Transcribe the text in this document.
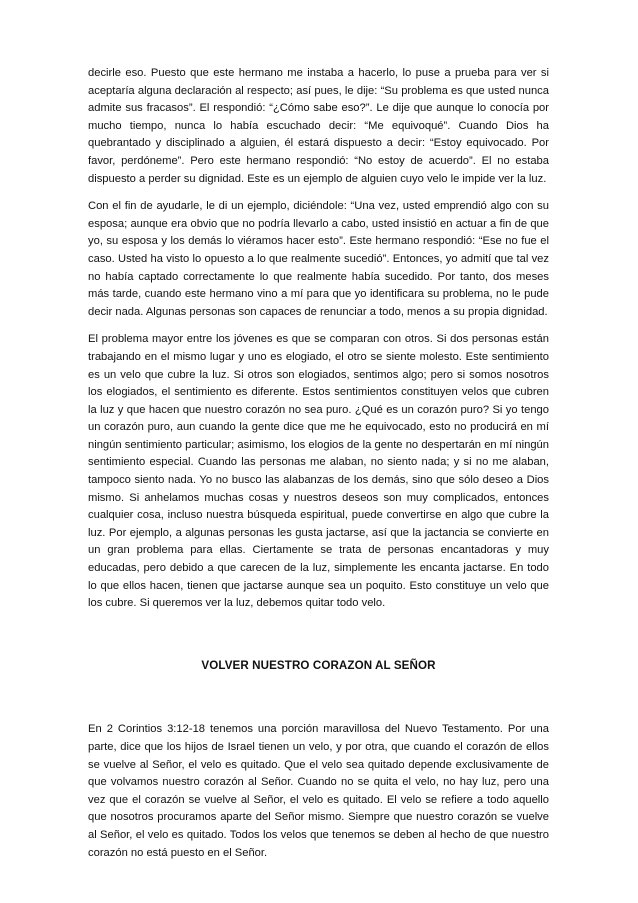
decirle eso. Puesto que este hermano me instaba a hacerlo, lo puse a prueba para ver si aceptaría alguna declaración al respecto; así pues, le dije: “Su problema es que usted nunca admite sus fracasos”. El respondió: “¿Cómo sabe eso?”. Le dije que aunque lo conocía por mucho tiempo, nunca lo había escuchado decir: “Me equivoqué”. Cuando Dios ha quebrantado y disciplinado a alguien, él estará dispuesto a decir: “Estoy equivocado. Por favor, perdóneme”. Pero este hermano respondió: “No estoy de acuerdo”. El no estaba dispuesto a perder su dignidad. Este es un ejemplo de alguien cuyo velo le impide ver la luz.

Con el fin de ayudarle, le di un ejemplo, diciéndole: “Una vez, usted emprendió algo con su esposa; aunque era obvio que no podría llevarlo a cabo, usted insistió en actuar a fin de que yo, su esposa y los demás lo viéramos hacer esto”. Este hermano respondió: “Ese no fue el caso. Usted ha visto lo opuesto a lo que realmente sucedió”. Entonces, yo admití que tal vez no había captado correctamente lo que realmente había sucedido. Por tanto, dos meses más tarde, cuando este hermano vino a mí para que yo identificara su problema, no le pude decir nada. Algunas personas son capaces de renunciar a todo, menos a su propia dignidad.

El problema mayor entre los jóvenes es que se comparan con otros. Si dos personas están trabajando en el mismo lugar y uno es elogiado, el otro se siente molesto. Este sentimiento es un velo que cubre la luz. Si otros son elogiados, sentimos algo; pero si somos nosotros los elogiados, el sentimiento es diferente. Estos sentimientos constituyen velos que cubren la luz y que hacen que nuestro corazón no sea puro. ¿Qué es un corazón puro? Si yo tengo un corazón puro, aun cuando la gente dice que me he equivocado, esto no producirá en mí ningún sentimiento particular; asimismo, los elogios de la gente no despertarán en mí ningún sentimiento especial. Cuando las personas me alaban, no siento nada; y si no me alaban, tampoco siento nada. Yo no busco las alabanzas de los demás, sino que sólo deseo a Dios mismo. Si anhelamos muchas cosas y nuestros deseos son muy complicados, entonces cualquier cosa, incluso nuestra búsqueda espiritual, puede convertirse en algo que cubre la luz. Por ejemplo, a algunas personas les gusta jactarse, así que la jactancia se convierte en un gran problema para ellas. Ciertamente se trata de personas encantadoras y muy educadas, pero debido a que carecen de la luz, simplemente les encanta jactarse. En todo lo que ellos hacen, tienen que jactarse aunque sea un poquito. Esto constituye un velo que los cubre. Si queremos ver la luz, debemos quitar todo velo.

VOLVER NUESTRO CORAZON AL SEÑOR

En 2 Corintios 3:12-18 tenemos una porción maravillosa del Nuevo Testamento. Por una parte, dice que los hijos de Israel tienen un velo, y por otra, que cuando el corazón de ellos se vuelve al Señor, el velo es quitado. Que el velo sea quitado depende exclusivamente de que volvamos nuestro corazón al Señor. Cuando no se quita el velo, no hay luz, pero una vez que el corazón se vuelve al Señor, el velo es quitado. El velo se refiere a todo aquello que nosotros procuramos aparte del Señor mismo. Siempre que nuestro corazón se vuelve al Señor, el velo es quitado. Todos los velos que tenemos se deben al hecho de que nuestro corazón no está puesto en el Señor.
